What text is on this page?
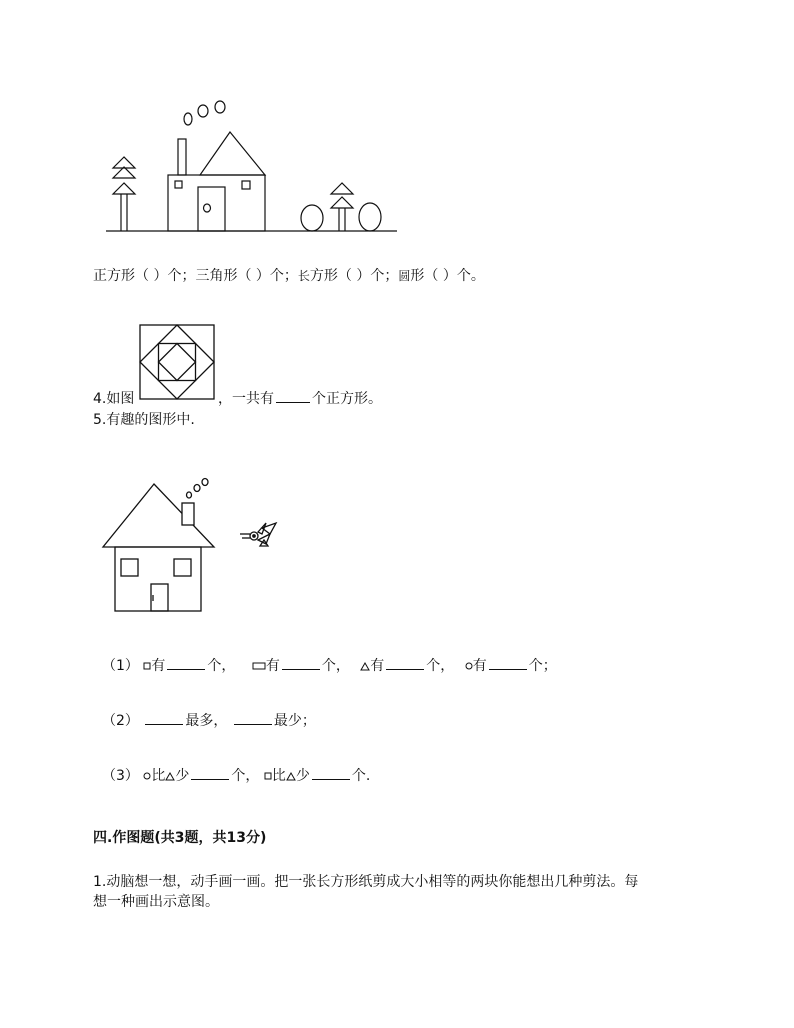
正方形（ ）个；三角形（ ）个；长方形（ ）个；圆形（ ）个。
4.如图	，一共有	个正方形。
5.有趣的图形中.
（1） 有	个， 有	个， 有	个， 有	个；
（2）	最多，	最少；
（3） 比 少	个， 比 少	个.
四.作图题(共3题，共13分)
1.动脑想一想，动手画一画。把一张长方形纸剪成大小相等的两块你能想出几种剪法。每
想一种画出示意图。
